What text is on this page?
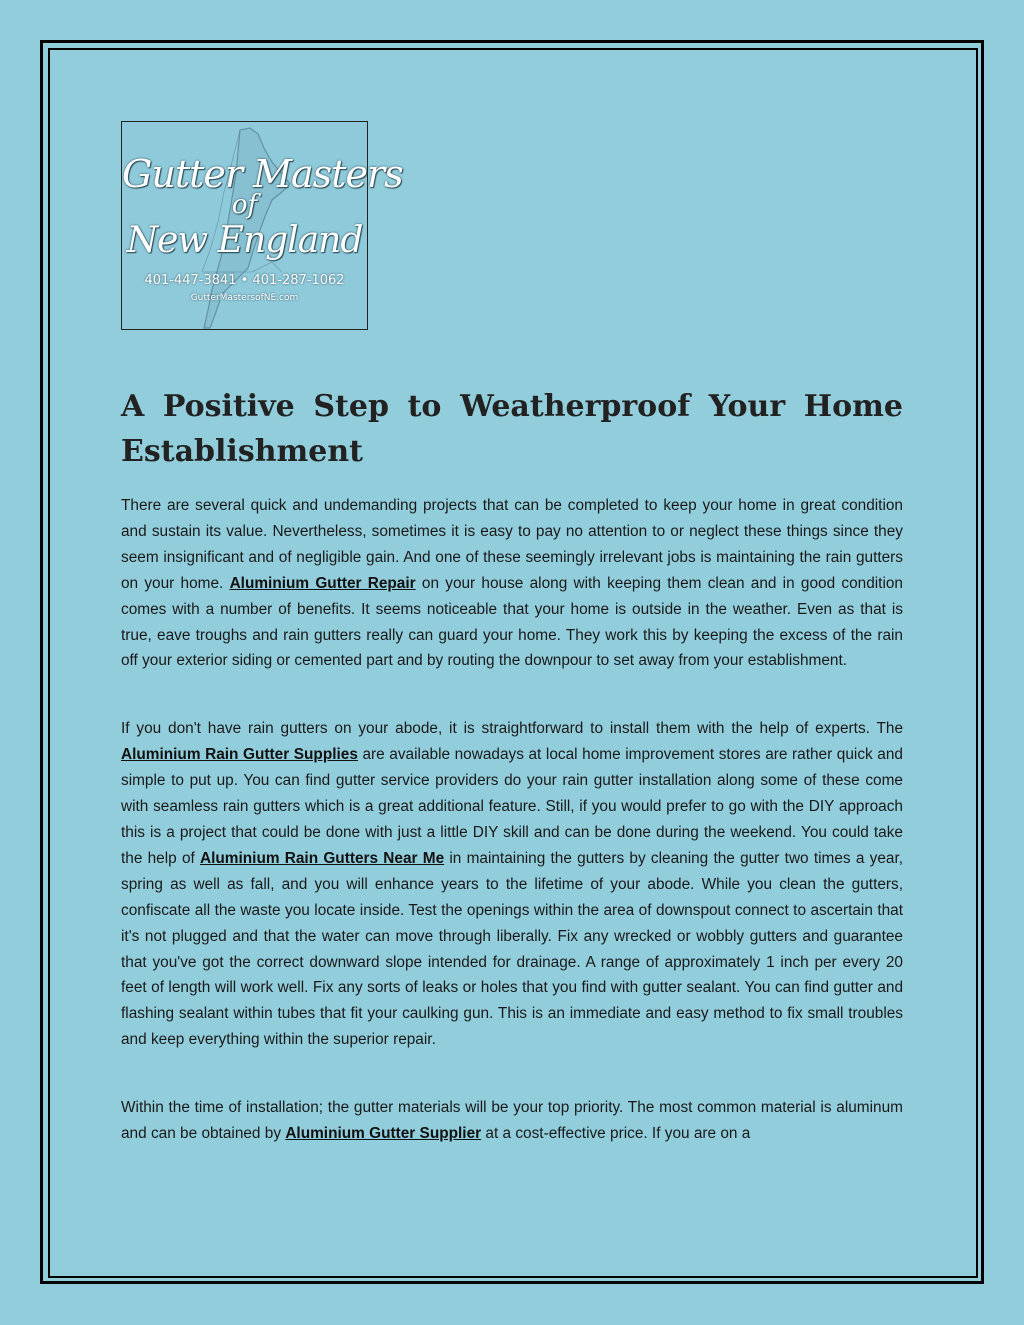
Gutter Masters
of
New England
401-447-3841 • 401-287-1062
GutterMastersofNE.com
A Positive Step to Weatherproof Your Home Establishment

There are several quick and undemanding projects that can be completed to keep your home in great condition and sustain its value. Nevertheless, sometimes it is easy to pay no attention to or neglect these things since they seem insignificant and of negligible gain. And one of these seemingly irrelevant jobs is maintaining the rain gutters on your home. Aluminium Gutter Repair on your house along with keeping them clean and in good condition comes with a number of benefits. It seems noticeable that your home is outside in the weather. Even as that is true, eave troughs and rain gutters really can guard your home. They work this by keeping the excess of the rain off your exterior siding or cemented part and by routing the downpour to set away from your establishment.

If you don't have rain gutters on your abode, it is straightforward to install them with the help of experts. The Aluminium Rain Gutter Supplies are available nowadays at local home improvement stores are rather quick and simple to put up. You can find gutter service providers do your rain gutter installation along some of these come with seamless rain gutters which is a great additional feature. Still, if you would prefer to go with the DIY approach this is a project that could be done with just a little DIY skill and can be done during the weekend. You could take the help of Aluminium Rain Gutters Near Me in maintaining the gutters by cleaning the gutter two times a year, spring as well as fall, and you will enhance years to the lifetime of your abode. While you clean the gutters, confiscate all the waste you locate inside. Test the openings within the area of downspout connect to ascertain that it's not plugged and that the water can move through liberally. Fix any wrecked or wobbly gutters and guarantee that you've got the correct downward slope intended for drainage. A range of approximately 1 inch per every 20 feet of length will work well. Fix any sorts of leaks or holes that you find with gutter sealant. You can find gutter and flashing sealant within tubes that fit your caulking gun. This is an immediate and easy method to fix small troubles and keep everything within the superior repair.

Within the time of installation; the gutter materials will be your top priority. The most common material is aluminum and can be obtained by Aluminium Gutter Supplier at a cost-effective price. If you are on a
